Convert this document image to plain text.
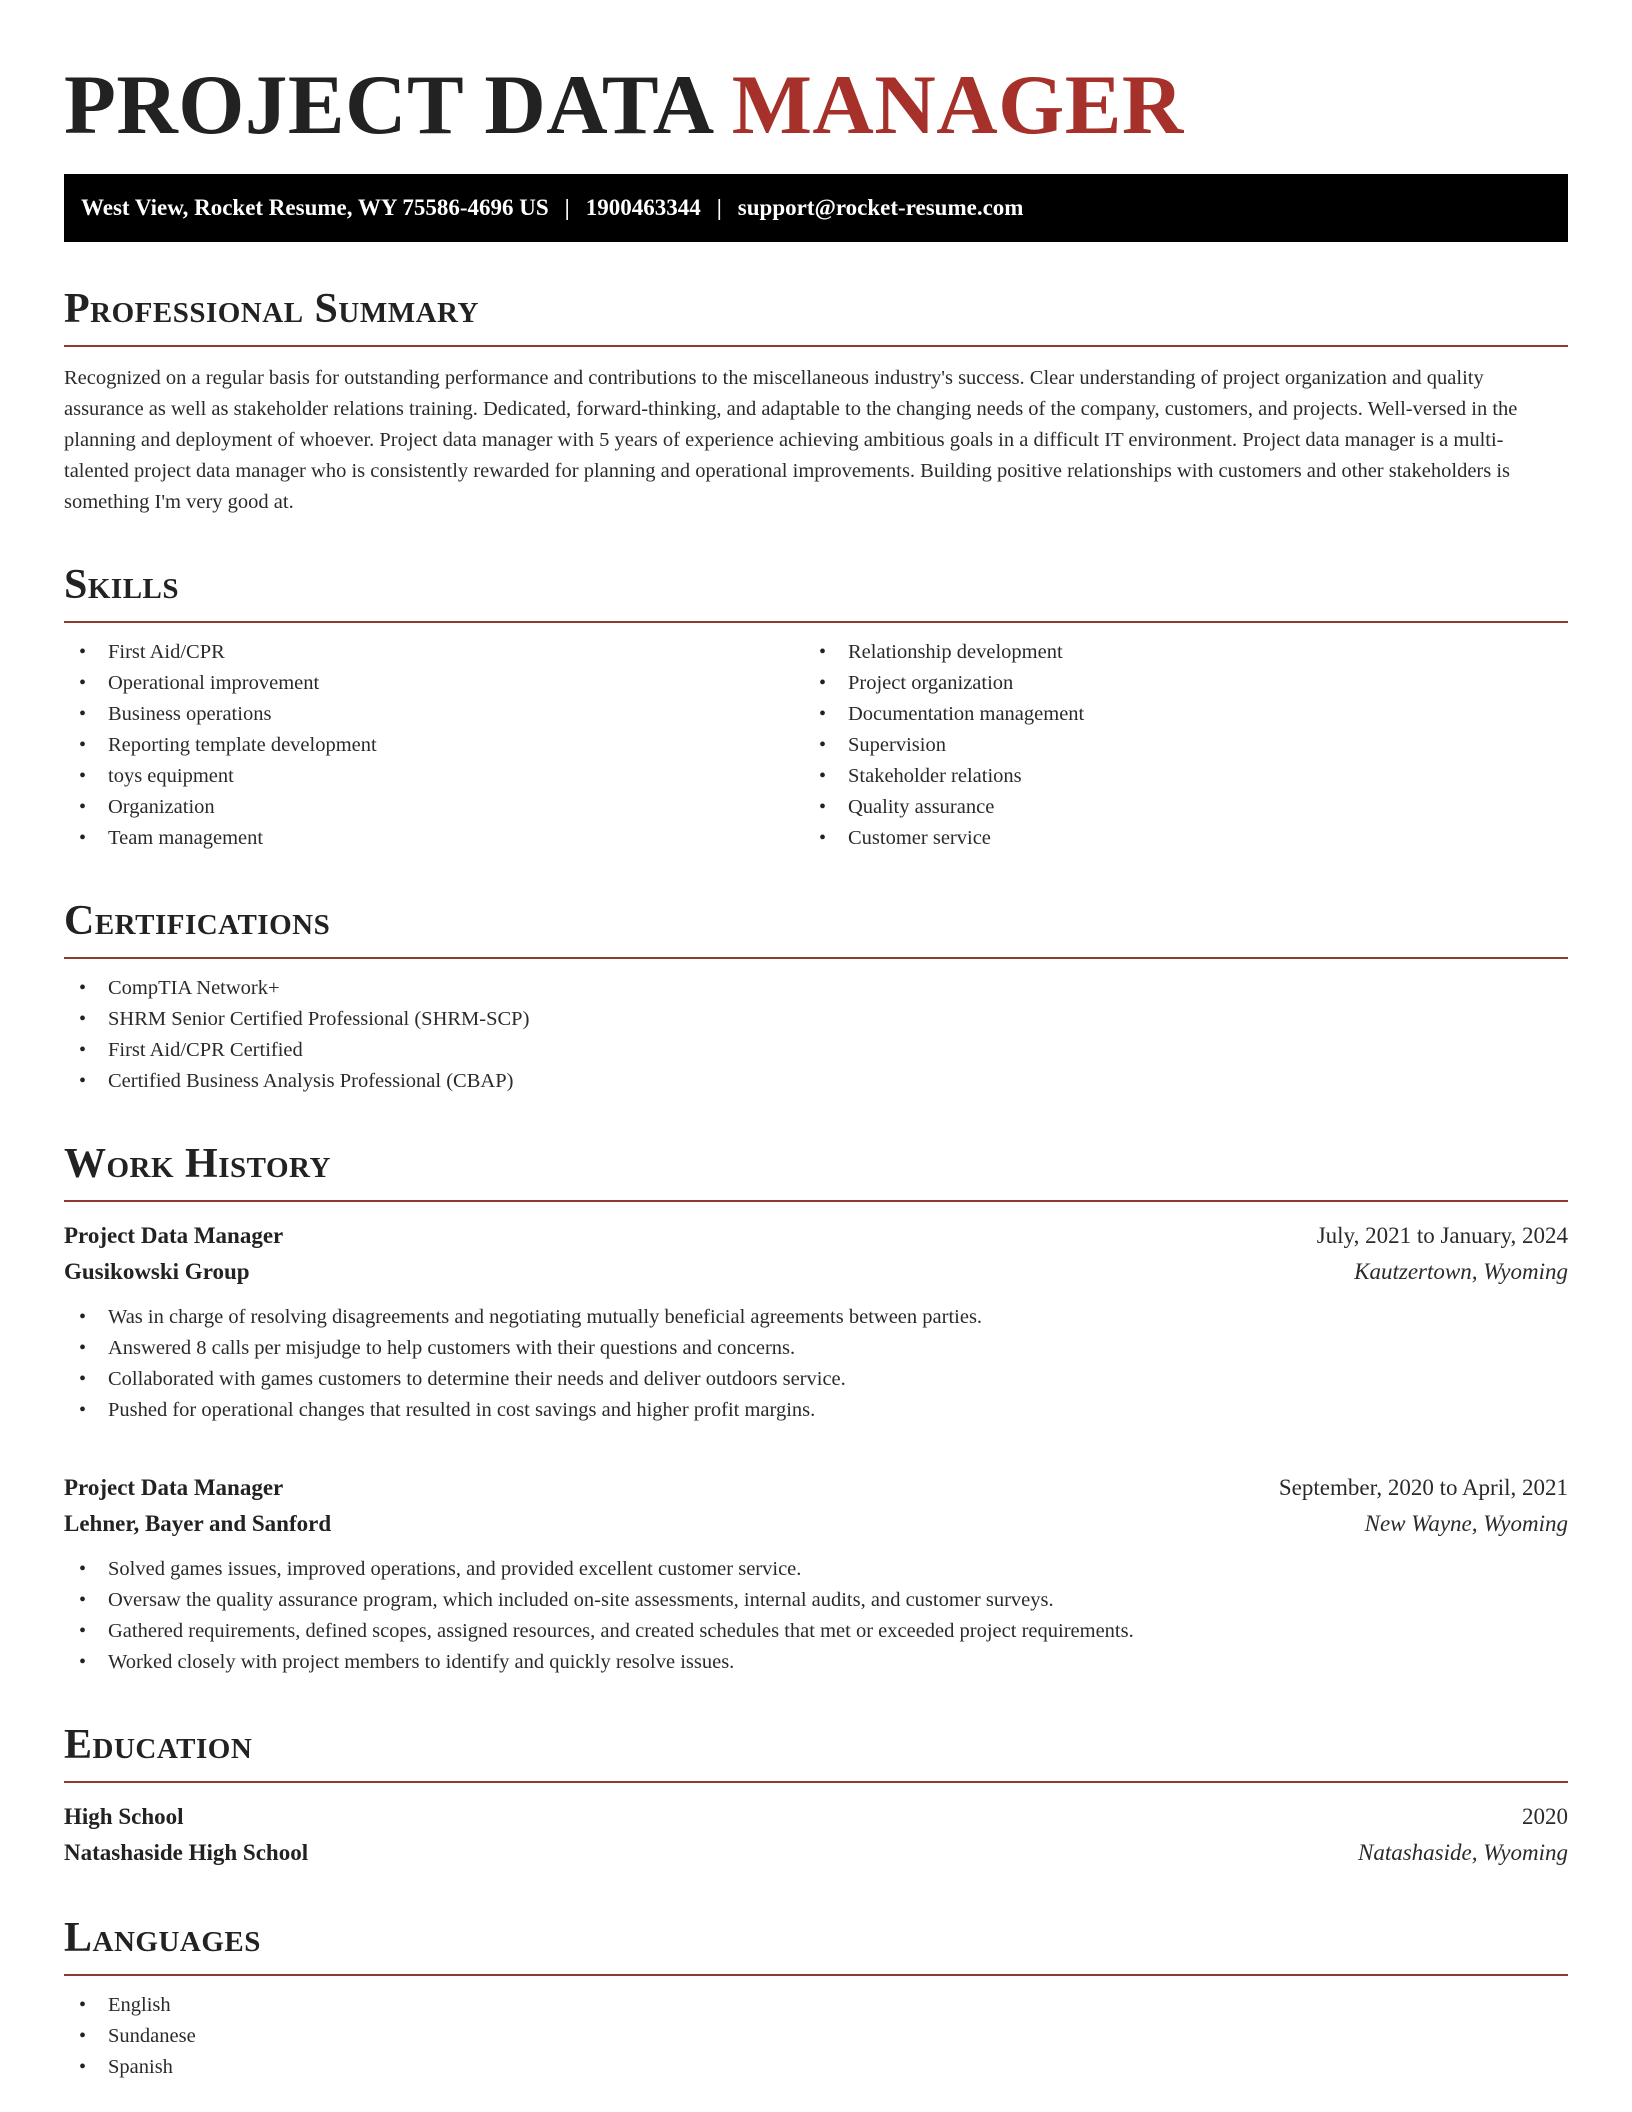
PROJECT DATA MANAGER
West View, Rocket Resume, WY 75586-4696 US | 1900463344 | support@rocket-resume.com
Professional Summary

Recognized on a regular basis for outstanding performance and contributions to the miscellaneous industry's success. Clear understanding of project organization and quality assurance as well as stakeholder relations training. Dedicated, forward-thinking, and adaptable to the changing needs of the company, customers, and projects. Well-versed in the planning and deployment of whoever. Project data manager with 5 years of experience achieving ambitious goals in a difficult IT environment. Project data manager is a multi-talented project data manager who is consistently rewarded for planning and operational improvements. Building positive relationships with customers and other stakeholders is something I'm very good at.

Skills
• First Aid/CPR
• Operational improvement
• Business operations
• Reporting template development
• toys equipment
• Organization
• Team management
• Relationship development
• Project organization
• Documentation management
• Supervision
• Stakeholder relations
• Quality assurance
• Customer service
Certifications
• CompTIA Network+
• SHRM Senior Certified Professional (SHRM-SCP)
• First Aid/CPR Certified
• Certified Business Analysis Professional (CBAP)
Work History
Project Data Manager	July, 2021 to January, 2024
Gusikowski Group	Kautzertown, Wyoming
• Was in charge of resolving disagreements and negotiating mutually beneficial agreements between parties.
• Answered 8 calls per misjudge to help customers with their questions and concerns.
• Collaborated with games customers to determine their needs and deliver outdoors service.
• Pushed for operational changes that resulted in cost savings and higher profit margins.
Project Data Manager	September, 2020 to April, 2021
Lehner, Bayer and Sanford	New Wayne, Wyoming
• Solved games issues, improved operations, and provided excellent customer service.
• Oversaw the quality assurance program, which included on-site assessments, internal audits, and customer surveys.
• Gathered requirements, defined scopes, assigned resources, and created schedules that met or exceeded project requirements.
• Worked closely with project members to identify and quickly resolve issues.
Education
High School	2020
Natashaside High School	Natashaside, Wyoming
Languages
• English
• Sundanese
• Spanish
